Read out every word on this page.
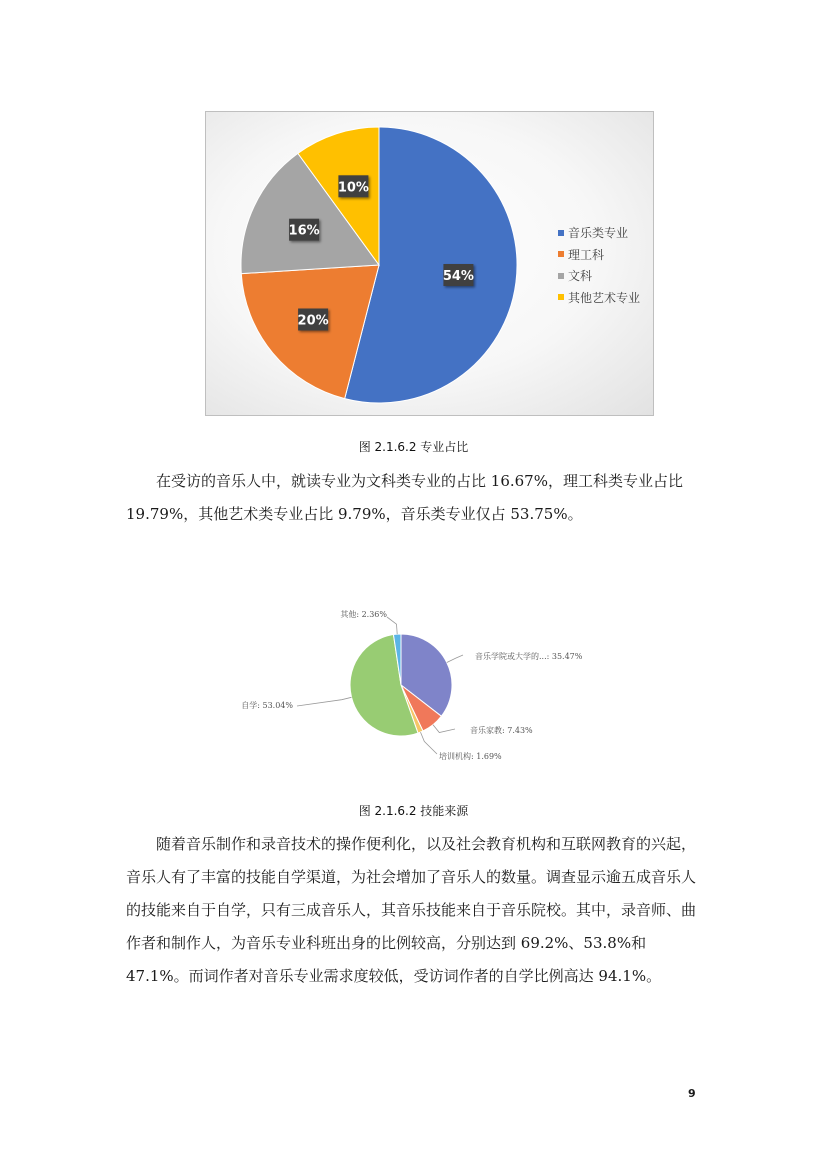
54%
20%
16%
10%
音乐类专业
理工科
文科
其他艺术专业
图 2.1.6.2 专业占比
　　在受访的音乐人中，就读专业为文科类专业的占比 16.67%，理工科类专业占比 19.79%，其他艺术类专业占比 9.79%，音乐类专业仅占 53.75%。
音乐学院或大学的...: 35.47%
音乐家教: 7.43%
培训机构: 1.69%
自学: 53.04%
其他: 2.36%
图 2.1.6.2 技能来源
　　随着音乐制作和录音技术的操作便利化，以及社会教育机构和互联网教育的兴起，音乐人有了丰富的技能自学渠道，为社会增加了音乐人的数量。调查显示逾五成音乐人的技能来自于自学，只有三成音乐人，其音乐技能来自于音乐院校。其中，录音师、曲作者和制作人，为音乐专业科班出身的比例较高，分别达到 69.2%、53.8%和 47.1%。而词作者对音乐专业需求度较低，受访词作者的自学比例高达 94.1%。
9
